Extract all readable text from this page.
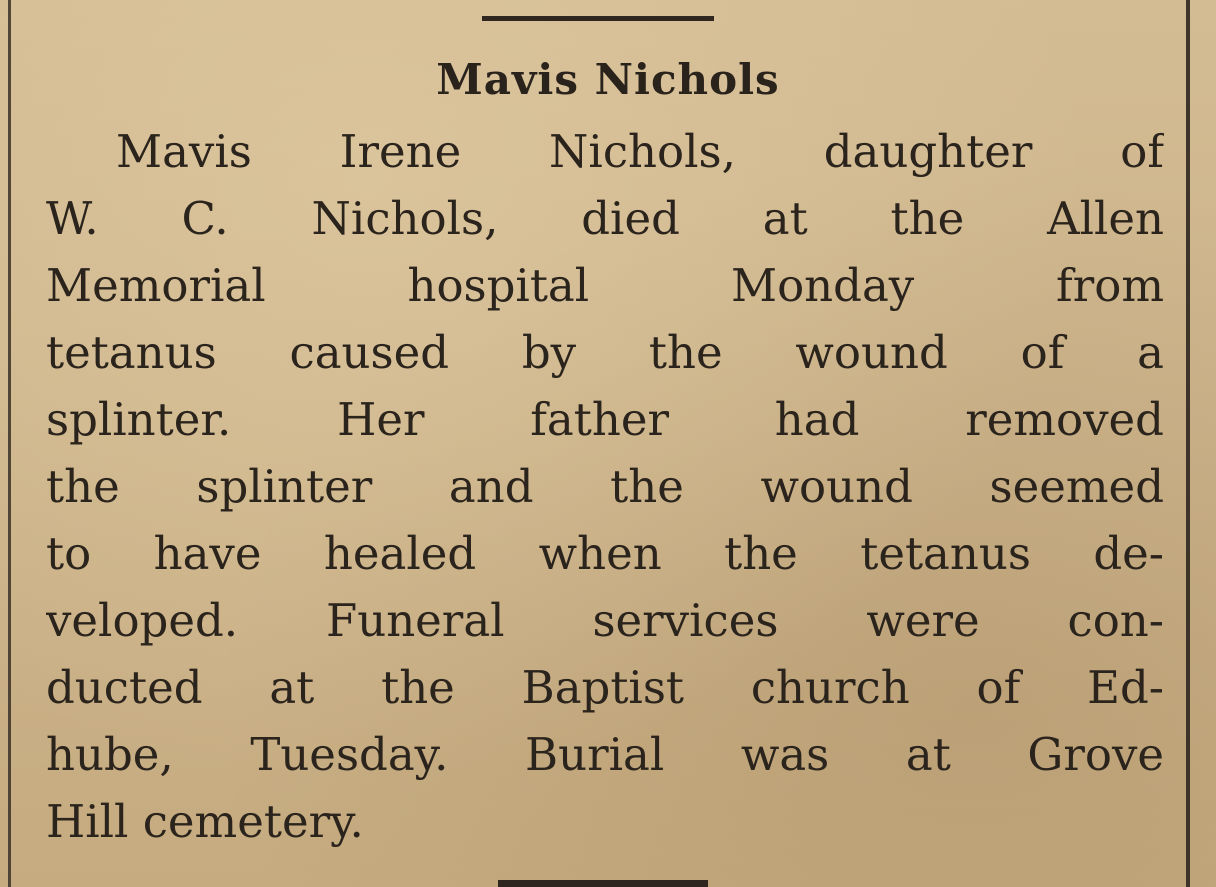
Mavis Nichols
Mavis Irene Nichols, daughter of
W. C. Nichols, died at the Allen
Memorial hospital Monday from
tetanus caused by the wound of a
splinter. Her father had removed
the splinter and the wound seemed
to have healed when the tetanus de-
veloped. Funeral services were con-
ducted at the Baptist church of Ed-
hube, Tuesday. Burial was at Grove
Hill cemetery.
